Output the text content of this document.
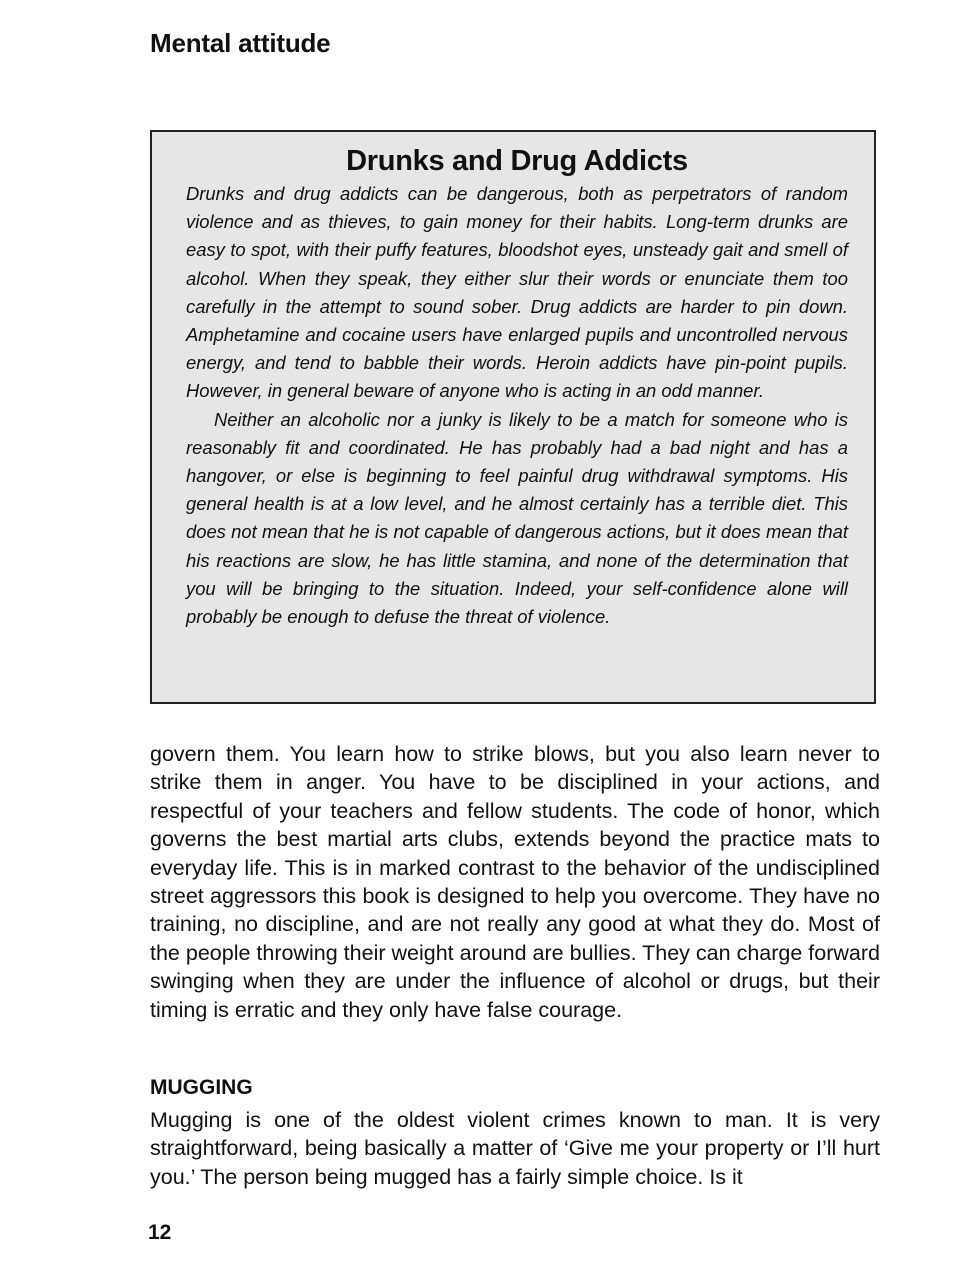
Mental attitude
Drunks and Drug Addicts

Drunks and drug addicts can be dangerous, both as perpetrators of random violence and as thieves, to gain money for their habits. Long-term drunks are easy to spot, with their puffy features, bloodshot eyes, unsteady gait and smell of alcohol. When they speak, they either slur their words or enunciate them too carefully in the attempt to sound sober. Drug addicts are harder to pin down. Amphetamine and cocaine users have enlarged pupils and uncontrolled nervous energy, and tend to babble their words. Heroin addicts have pin-point pupils. However, in general beware of anyone who is acting in an odd manner.

Neither an alcoholic nor a junky is likely to be a match for someone who is reasonably fit and coordinated. He has probably had a bad night and has a hangover, or else is beginning to feel painful drug withdrawal symptoms. His general health is at a low level, and he almost certainly has a terrible diet. This does not mean that he is not capable of dangerous actions, but it does mean that his reactions are slow, he has little stamina, and none of the determination that you will be bringing to the situation. Indeed, your self-confidence alone will probably be enough to defuse the threat of violence.

govern them. You learn how to strike blows, but you also learn never to strike them in anger. You have to be disciplined in your actions, and respectful of your teachers and fellow students. The code of honor, which governs the best martial arts clubs, extends beyond the practice mats to everyday life. This is in marked contrast to the behavior of the undisciplined street aggressors this book is designed to help you overcome. They have no training, no discipline, and are not really any good at what they do. Most of the people throwing their weight around are bullies. They can charge forward swinging when they are under the influence of alcohol or drugs, but their timing is erratic and they only have false courage.

MUGGING

Mugging is one of the oldest violent crimes known to man. It is very straightforward, being basically a matter of ‘Give me your property or I’ll hurt you.’ The person being mugged has a fairly simple choice. Is it

12
